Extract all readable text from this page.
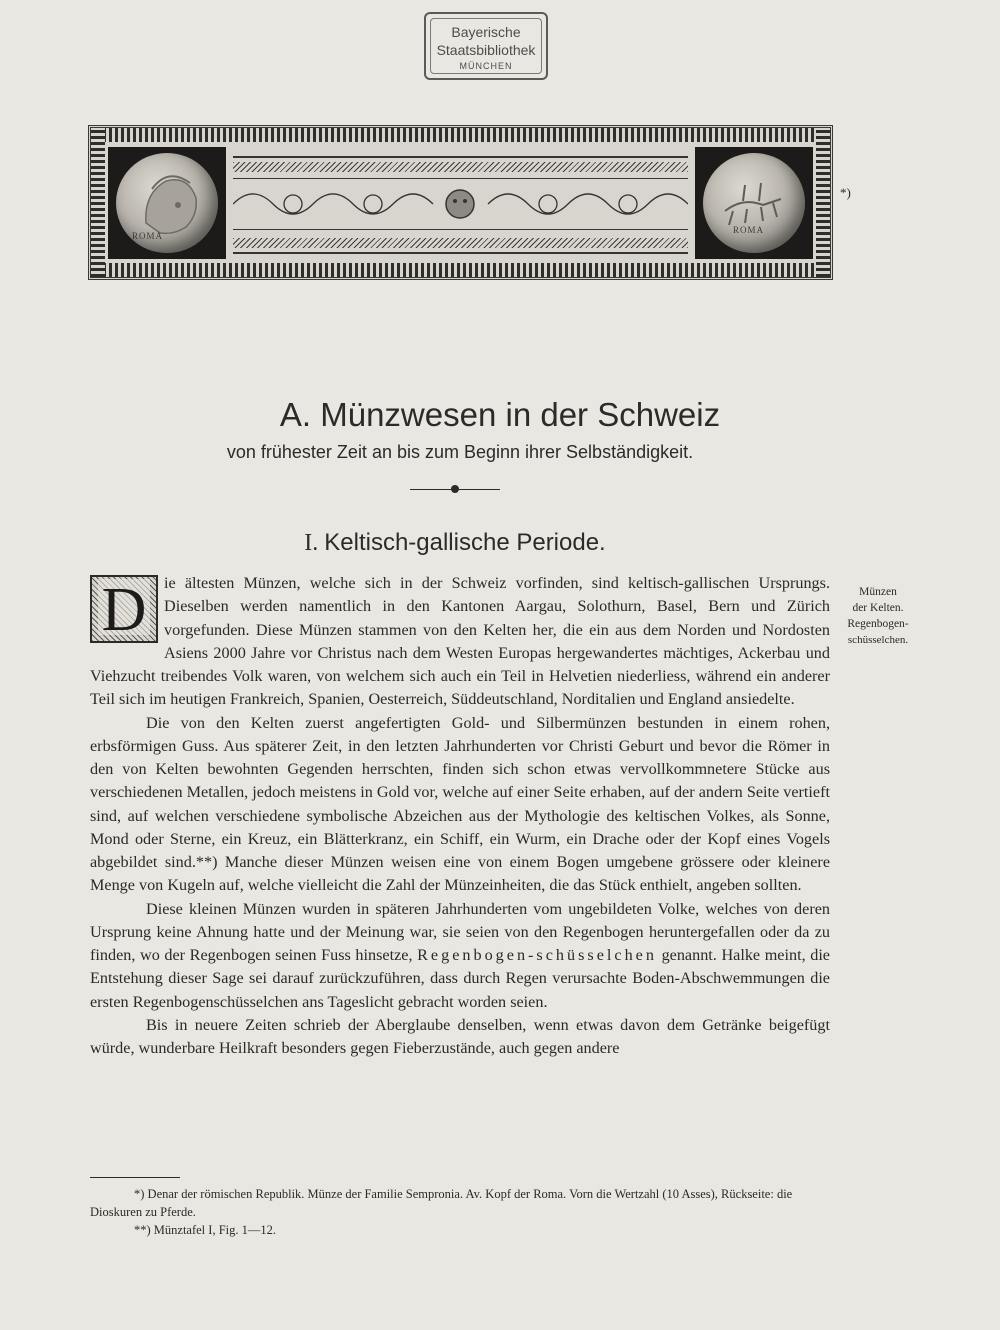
Bayerische
Staatsbibliothek
MÜNCHEN
ROMA
ROMA
*)
A. Münzwesen in der Schweiz
von frühester Zeit an bis zum Beginn ihrer Selbständigkeit.
I. Keltisch-gallische Periode.

D ie ältesten Münzen, welche sich in der Schweiz vorfinden, sind keltisch-gallischen Ursprungs. Dieselben werden namentlich in den Kantonen Aargau, Solothurn, Basel, Bern und Zürich vorgefunden. Diese Münzen stammen von den Kelten her, die ein aus dem Norden und Nordosten Asiens 2000 Jahre vor Christus nach dem Westen Europas hergewandertes mächtiges, Ackerbau und Viehzucht treibendes Volk waren, von welchem sich auch ein Teil in Helvetien niederliess, während ein anderer Teil sich im heutigen Frankreich, Spanien, Oesterreich, Süddeutschland, Norditalien und England ansiedelte.

Die von den Kelten zuerst angefertigten Gold- und Silbermünzen bestunden in einem rohen, erbsförmigen Guss. Aus späterer Zeit, in den letzten Jahrhunderten vor Christi Geburt und bevor die Römer in den von Kelten bewohnten Gegenden herrschten, finden sich schon etwas vervollkommnetere Stücke aus verschiedenen Metallen, jedoch meistens in Gold vor, welche auf einer Seite erhaben, auf der andern Seite vertieft sind, auf welchen verschiedene symbolische Abzeichen aus der Mythologie des keltischen Volkes, als Sonne, Mond oder Sterne, ein Kreuz, ein Blätterkranz, ein Schiff, ein Wurm, ein Drache oder der Kopf eines Vogels abgebildet sind.**) Manche dieser Münzen weisen eine von einem Bogen umgebene grössere oder kleinere Menge von Kugeln auf, welche vielleicht die Zahl der Münzeinheiten, die das Stück enthielt, angeben sollten.

Diese kleinen Münzen wurden in späteren Jahrhunderten vom ungebildeten Volke, welches von deren Ursprung keine Ahnung hatte und der Meinung war, sie seien von den Regenbogen heruntergefallen oder da zu finden, wo der Regenbogen seinen Fuss hinsetze, Regenbogen-schüsselchen genannt. Halke meint, die Entstehung dieser Sage sei darauf zurückzuführen, dass durch Regen verursachte Boden-Abschwemmungen die ersten Regenbogenschüsselchen ans Tageslicht gebracht worden seien.

Bis in neuere Zeiten schrieb der Aberglaube denselben, wenn etwas davon dem Getränke beigefügt würde, wunderbare Heilkraft besonders gegen Fieberzustände, auch gegen andere

Münzen
der Kelten.
Regenbogen-
schüsselchen.

*) Denar der römischen Republik. Münze der Familie Sempronia. Av. Kopf der Roma. Vorn die Wertzahl (10 Asses), Rückseite: die Dioskuren zu Pferde.

**) Münztafel I, Fig. 1—12.
